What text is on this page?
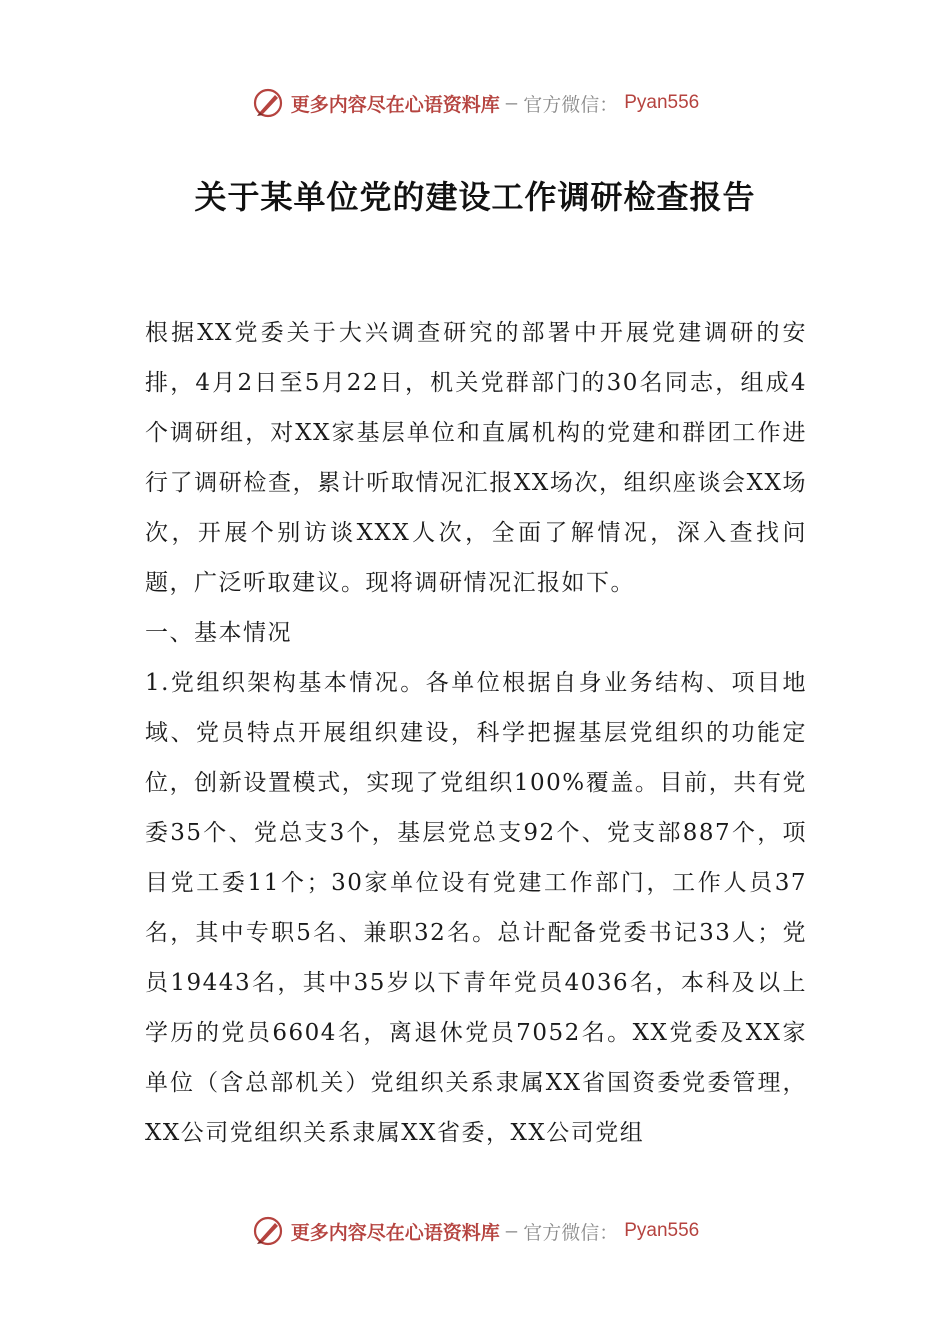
更多内容尽在心语资料库 — 官方微信： Pyan556
关于某单位党的建设工作调研检查报告

根据XX党委关于大兴调查研究的部署中开展党建调研的安排，4月2日至5月22日，机关党群部门的30名同志，组成4个调研组，对XX家基层单位和直属机构的党建和群团工作进行了调研检查，累计听取情况汇报XX场次，组织座谈会XX场次，开展个别访谈XXX人次，全面了解情况，深入查找问题，广泛听取建议。现将调研情况汇报如下。

一、基本情况

1.党组织架构基本情况。各单位根据自身业务结构、项目地域、党员特点开展组织建设，科学把握基层党组织的功能定位，创新设置模式，实现了党组织100%覆盖。目前，共有党委35个、党总支3个，基层党总支92个、党支部887个，项目党工委11个；30家单位设有党建工作部门，工作人员37名，其中专职5名、兼职32名。总计配备党委书记33人；党员19443名，其中35岁以下青年党员4036名，本科及以上学历的党员6604名，离退休党员7052名。XX党委及XX家单位（含总部机关）党组织关系隶属XX省国资委党委管理，XX公司党组织关系隶属XX省委，XX公司党组

更多内容尽在心语资料库 — 官方微信： Pyan556
